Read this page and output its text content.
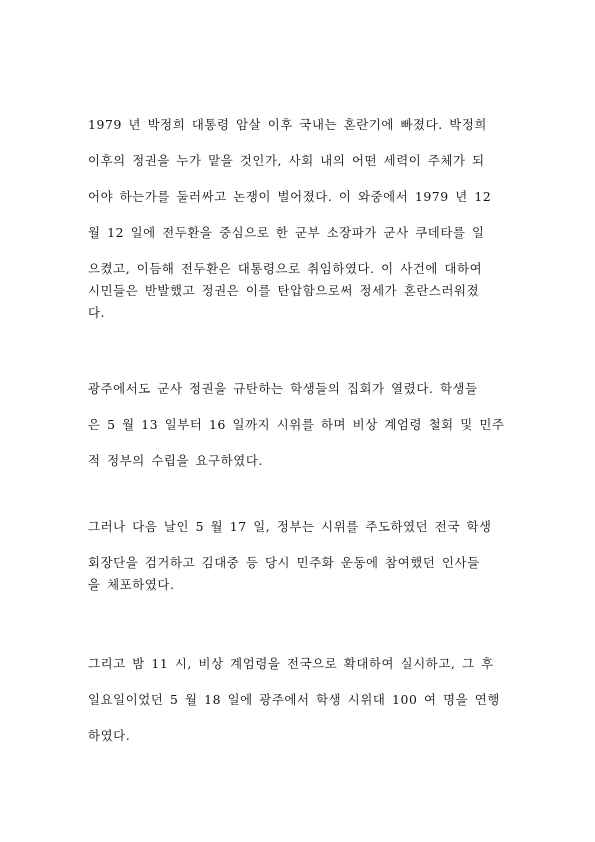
1979 년 박정희 대통령 암살 이후 국내는 혼란기에 빠졌다. 박정희
이후의 정권을 누가 맡을 것인가, 사회 내의 어떤 세력이 주체가 되
어야 하는가를 둘러싸고 논쟁이 벌어졌다. 이 와중에서 1979 년 12
월 12 일에 전두환을 중심으로 한 군부 소장파가 군사 쿠데타를 일
으켰고, 이듬해 전두환은 대통령으로 취임하였다. 이 사건에 대하여
시민들은 반발했고 정권은 이를 탄압함으로써 정세가 혼란스러워졌
다.
광주에서도 군사 정권을 규탄하는 학생들의 집회가 열렸다. 학생들
은 5 월 13 일부터 16 일까지 시위를 하며 비상 계엄령 철회 및 민주
적 정부의 수립을 요구하였다.
그러나 다음 날인 5 월 17 일, 정부는 시위를 주도하였던 전국 학생
회장단을 검거하고 김대중 등 당시 민주화 운동에 참여했던 인사들
을 체포하였다.
그리고 밤 11 시, 비상 계엄령을 전국으로 확대하여 실시하고, 그 후
일요일이었던 5 월 18 일에 광주에서 학생 시위대 100 여 명을 연행
하였다.
